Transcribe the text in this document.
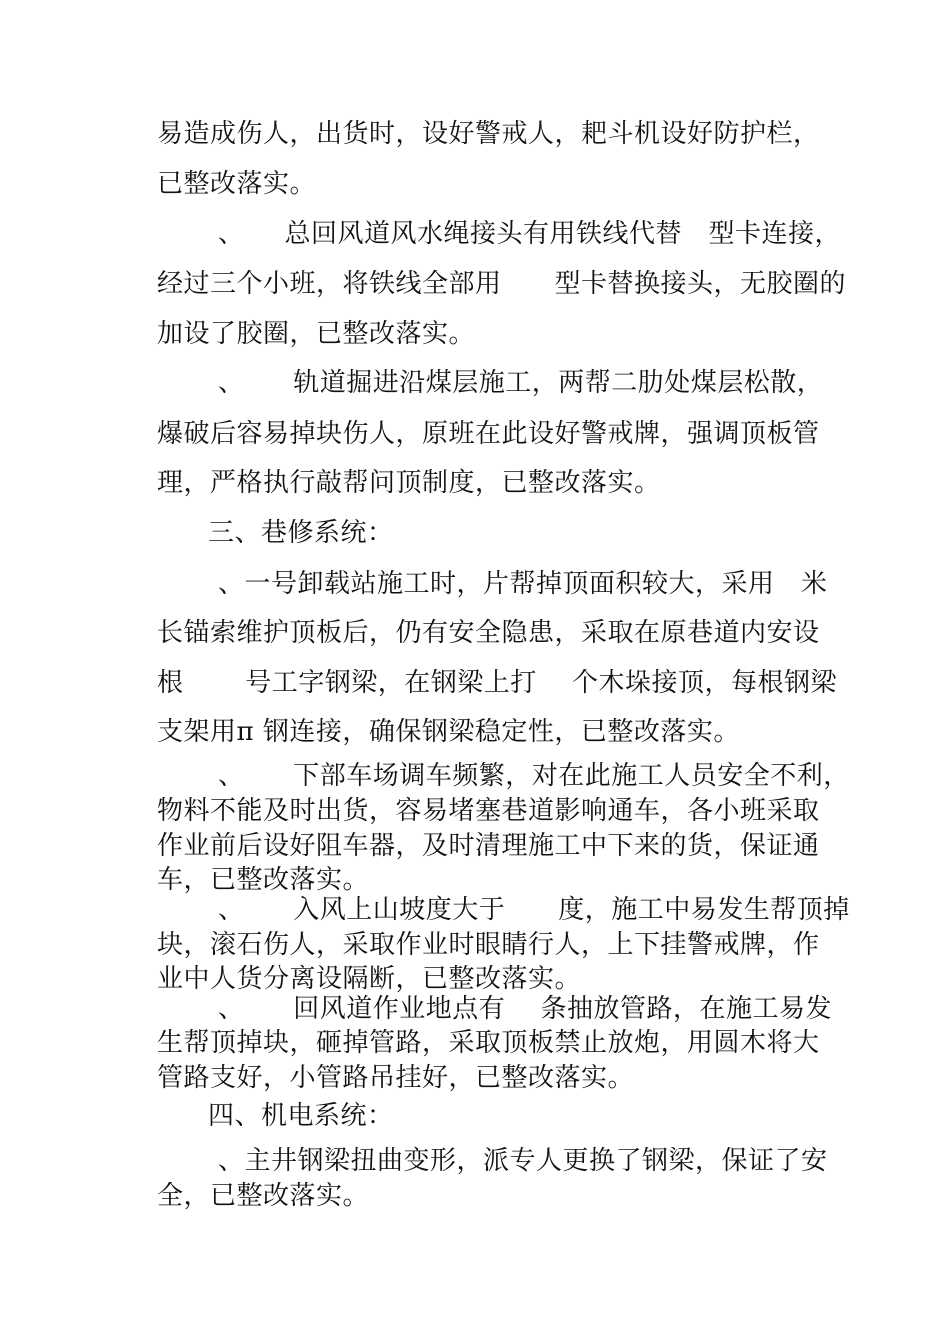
易造成伤人，出货时，设好警戒人，耙斗机设好防护栏，
已整改落实。
、　　总回风道风水绳接头有用铁线代替　型卡连接，
经过三个小班，将铁线全部用　　型卡替换接头，无胶圈的
加设了胶圈，已整改落实。
、　　 轨道掘进沿煤层施工，两帮二肋处煤层松散，
爆破后容易掉块伤人，原班在此设好警戒牌，强调顶板管
理，严格执行敲帮问顶制度，已整改落实。
三、巷修系统：
、一号卸载站施工时，片帮掉顶面积较大，采用　米
长锚索维护顶板后，仍有安全隐患，采取在原巷道内安设
根　　 号工字钢梁，在钢梁上打　 个木垛接顶，每根钢梁
支架用π 钢连接，确保钢梁稳定性，已整改落实。
、　　 下部车场调车频繁，对在此施工人员安全不利，
物料不能及时出货，容易堵塞巷道影响通车，各小班采取
作业前后设好阻车器，及时清理施工中下来的货，保证通
车，已整改落实。
、　　 入风上山坡度大于　　度，施工中易发生帮顶掉
块，滚石伤人，采取作业时眼睛行人，上下挂警戒牌，作
业中人货分离设隔断，已整改落实。
、　　 回风道作业地点有　 条抽放管路，在施工易发
生帮顶掉块，砸掉管路，采取顶板禁止放炮，用圆木将大
管路支好，小管路吊挂好，已整改落实。
四、机电系统：
、主井钢梁扭曲变形，派专人更换了钢梁，保证了安
全，已整改落实。
